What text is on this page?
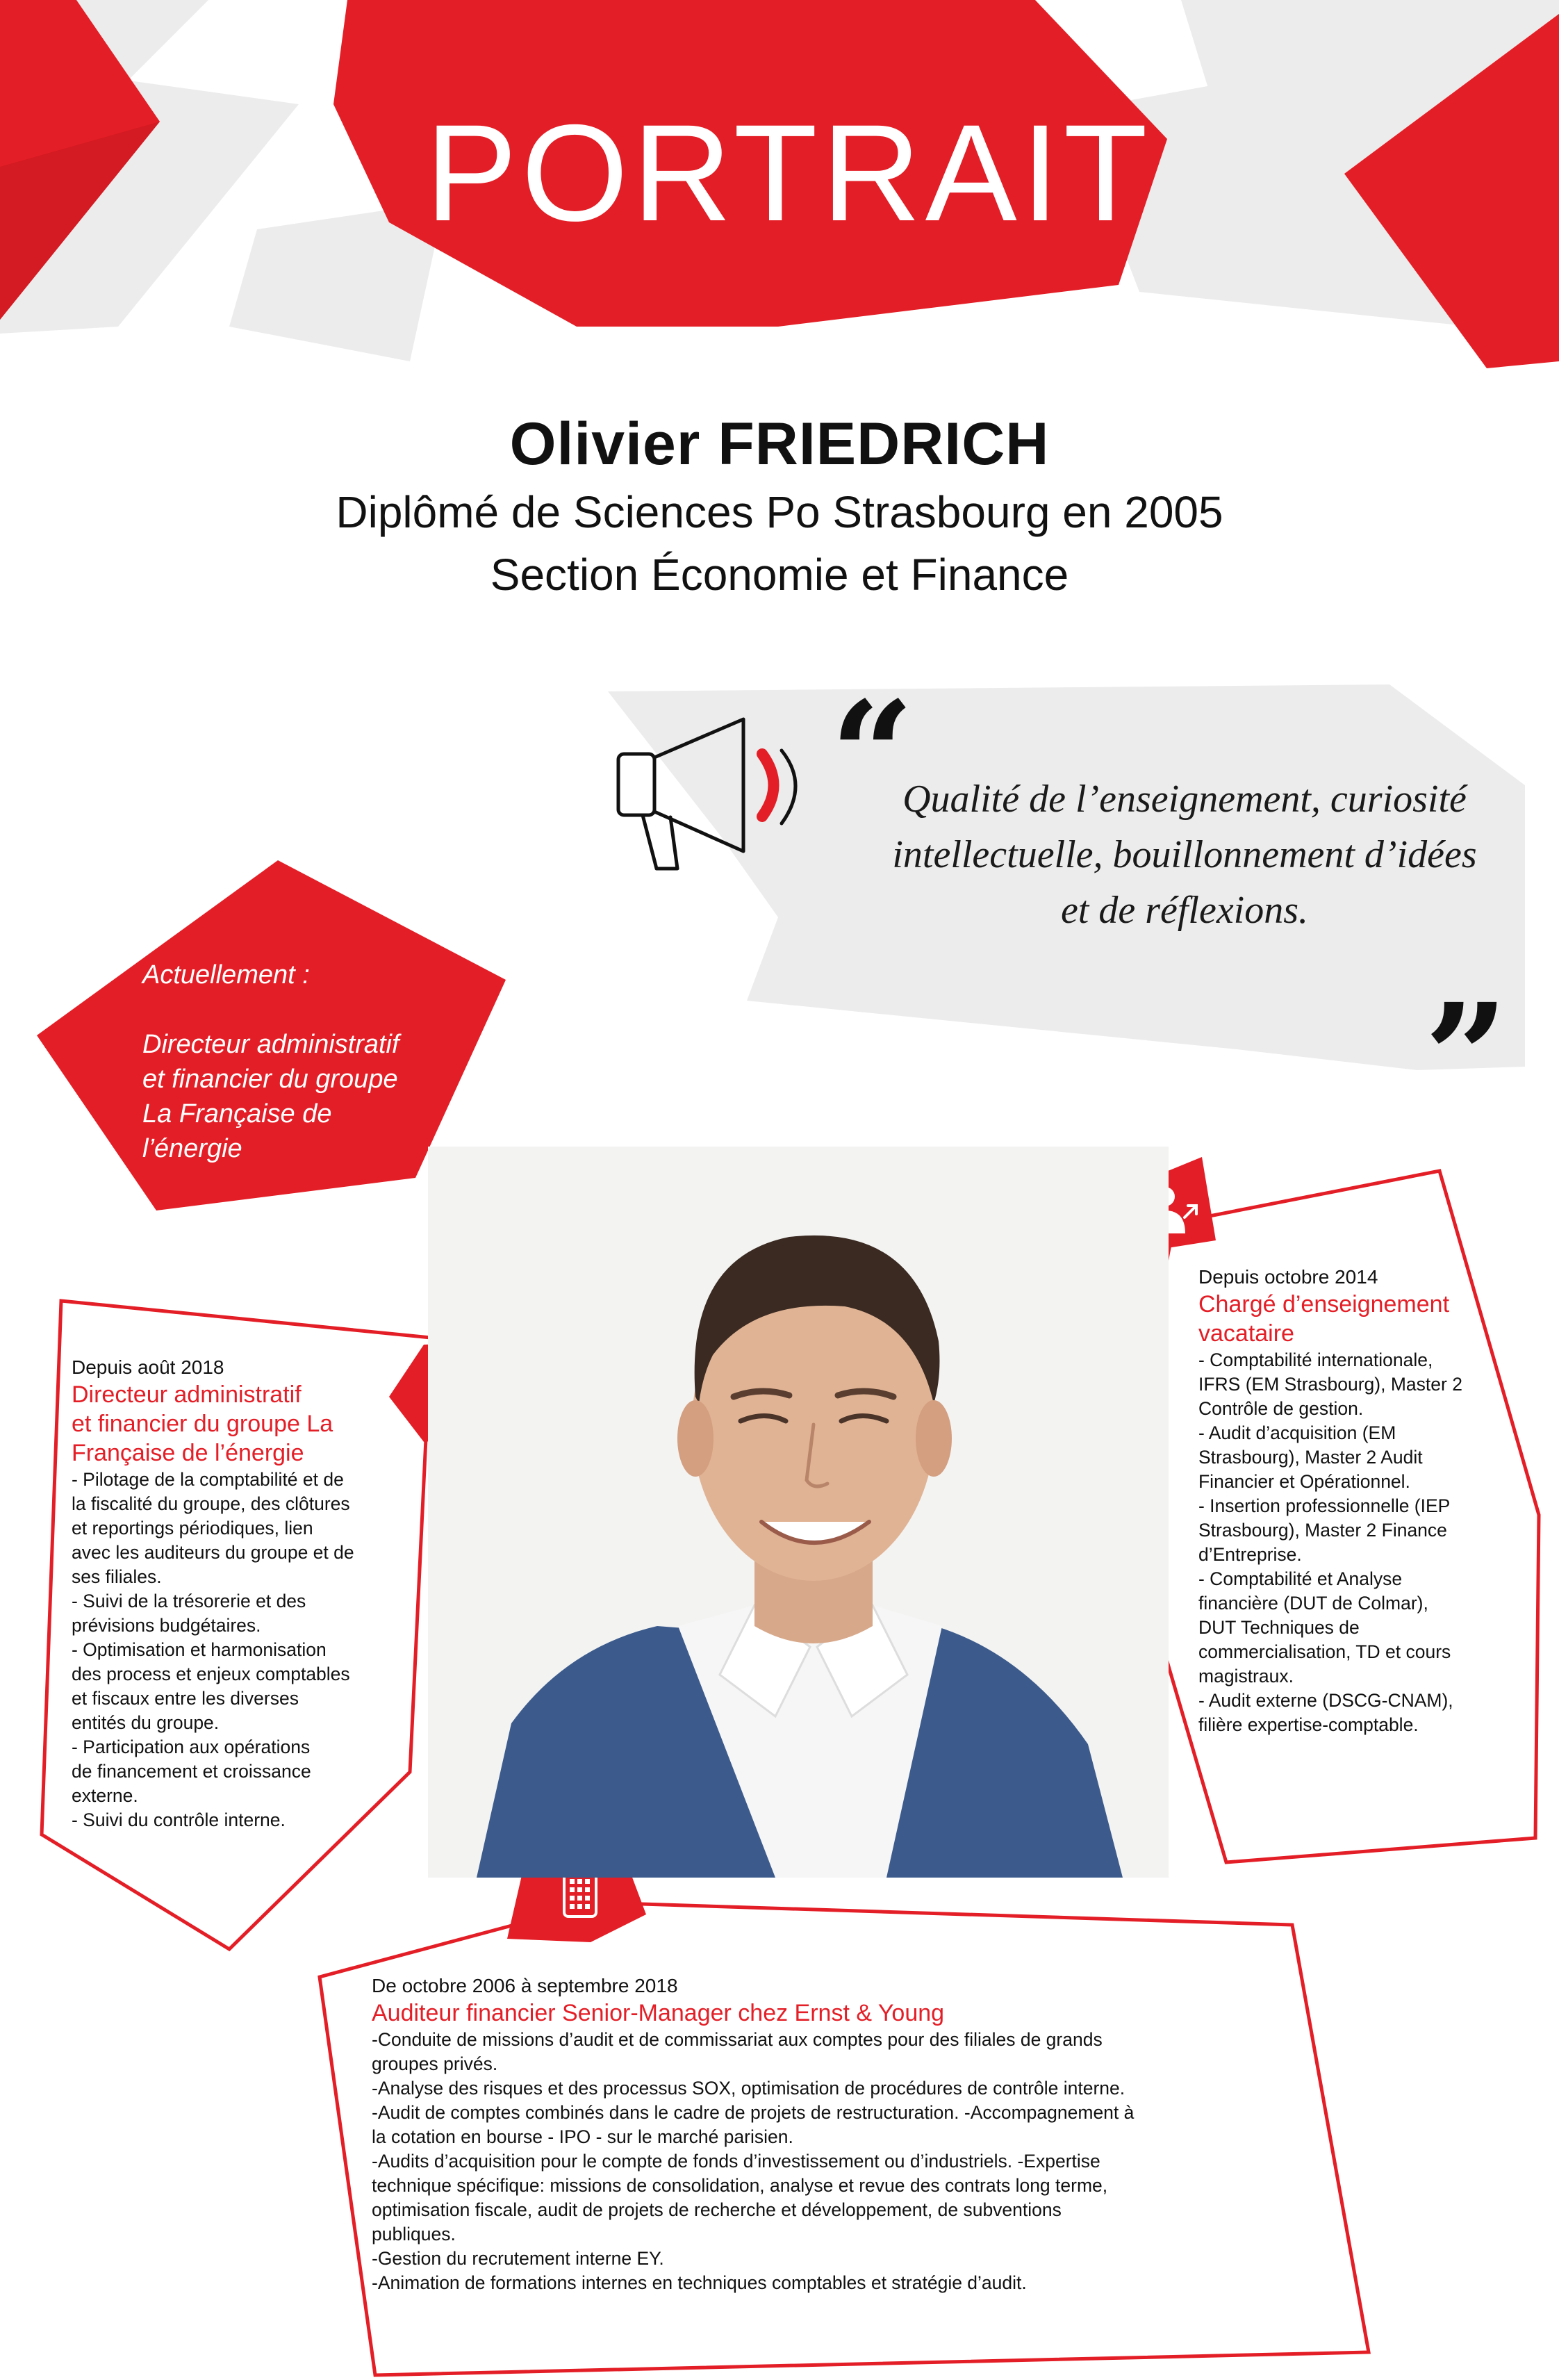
“
”
PORTRAIT
Olivier FRIEDRICH
Diplômé de Sciences Po Strasbourg en 2005
Section Économie et Finance
Qualité de l’enseignement, curiosité
intellectuelle, bouillonnement d’idées
et de réflexions.
Actuellement :
Directeur administratif
et financier du groupe
La Française de
l’énergie
Depuis août 2018
Directeur administratif
et financier du groupe La
Française de l’énergie
- Pilotage de la comptabilité et de
la fiscalité du groupe, des clôtures
et reportings périodiques, lien
avec les auditeurs du groupe et de
ses filiales.
- Suivi de la trésorerie et des
prévisions budgétaires.
- Optimisation et harmonisation
des process et enjeux comptables
et fiscaux entre les diverses
entités du groupe.
- Participation aux opérations
de financement et croissance
externe.
- Suivi du contrôle interne.
Depuis octobre 2014
Chargé d’enseignement
vacataire
- Comptabilité internationale,
IFRS (EM Strasbourg), Master 2
Contrôle de gestion.
- Audit d’acquisition (EM
Strasbourg), Master 2 Audit
Financier et Opérationnel.
- Insertion professionnelle (IEP
Strasbourg), Master 2 Finance
d’Entreprise.
- Comptabilité et Analyse
financière (DUT de Colmar),
DUT Techniques de
commercialisation, TD et cours
magistraux.
- Audit externe (DSCG-CNAM),
filière expertise-comptable.
De octobre 2006 à septembre 2018
Auditeur financier Senior-Manager chez Ernst & Young
-Conduite de missions d’audit et de commissariat aux comptes pour des filiales de grands
groupes privés.
-Analyse des risques et des processus SOX, optimisation de procédures de contrôle interne.
-Audit de comptes combinés dans le cadre de projets de restructuration. -Accompagnement à
la cotation en bourse - IPO - sur le marché parisien.
-Audits d’acquisition pour le compte de fonds d’investissement ou d’industriels. -Expertise
technique spécifique: missions de consolidation, analyse et revue des contrats long terme,
optimisation fiscale, audit de projets de recherche et développement, de subventions
publiques.
-Gestion du recrutement interne EY.
-Animation de formations internes en techniques comptables et stratégie d’audit.
